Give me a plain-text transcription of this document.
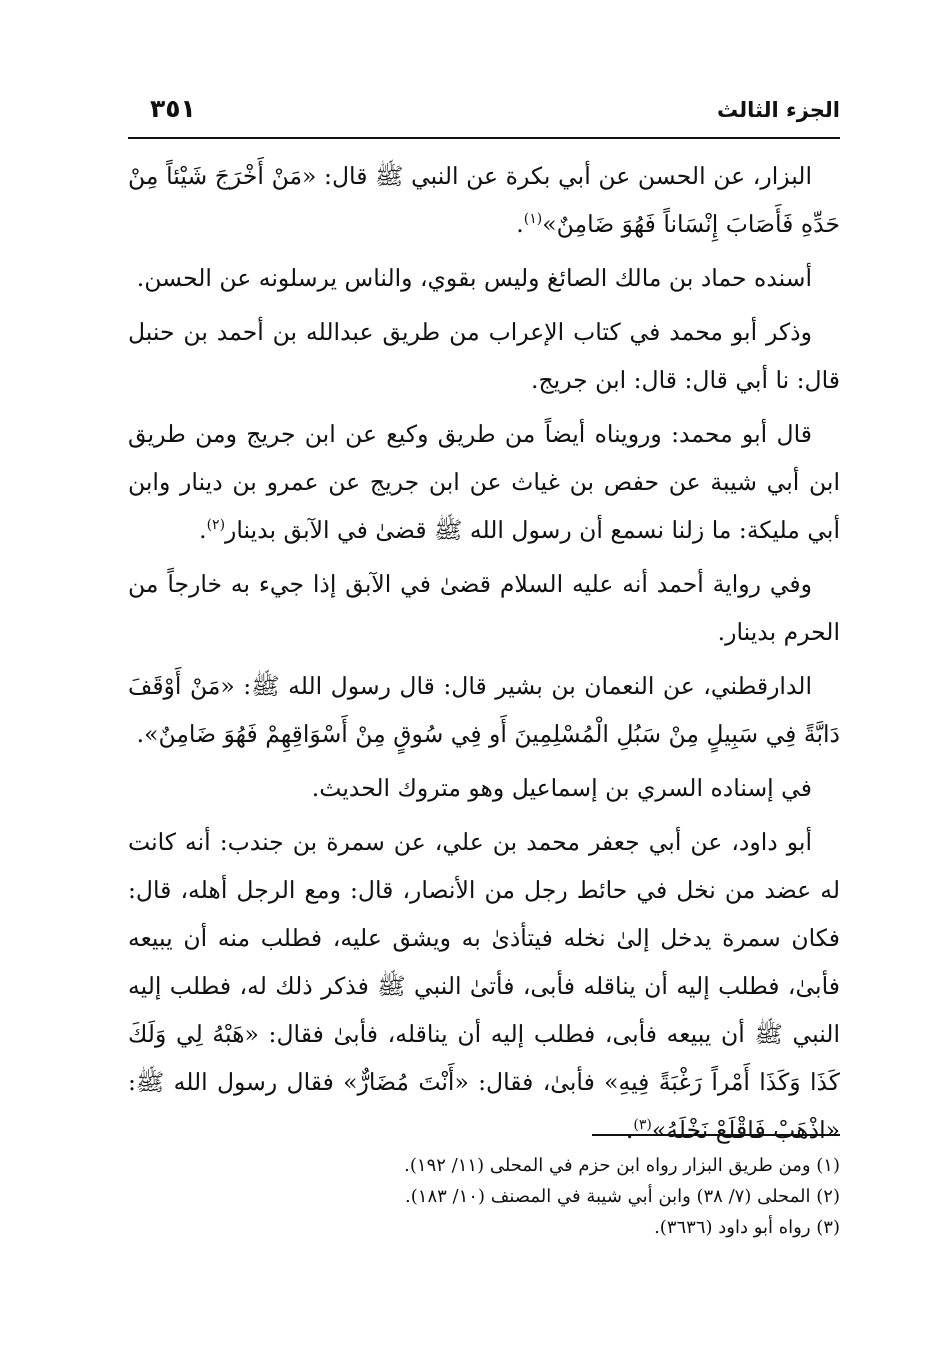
الجزء الثالث
٣٥١

البزار، عن الحسن عن أبي بكرة عن النبي ﷺ قال: «مَنْ أَخْرَجَ شَيْئاً مِنْ حَدِّهِ فَأَصَابَ إِنْسَاناً فَهُوَ ضَامِنٌ»$^{(١)}$.

أسنده حماد بن مالك الصائغ وليس بقوي، والناس يرسلونه عن الحسن.

وذكر أبو محمد في كتاب الإعراب من طريق عبدالله بن أحمد بن حنبل قال: نا أبي قال: قال: ابن جريج.

قال أبو محمد: ورويناه أيضاً من طريق وكيع عن ابن جريج ومن طريق ابن أبي شيبة عن حفص بن غياث عن ابن جريج عن عمرو بن دينار وابن أبي مليكة: ما زلنا نسمع أن رسول الله ﷺ قضىٰ في الآبق بدينار$^{(٢)}$.

وفي رواية أحمد أنه عليه السلام قضىٰ في الآبق إذا جيء به خارجاً من الحرم بدينار.

الدارقطني، عن النعمان بن بشير قال: قال رسول الله ﷺ: «مَنْ أَوْقَفَ دَابَّةً فِي سَبِيلٍ مِنْ سَبُلِ الْمُسْلِمِينَ أَو فِي سُوقٍ مِنْ أَسْوَاقِهِمْ فَهُوَ ضَامِنٌ».

في إسناده السري بن إسماعيل وهو متروك الحديث.

أبو داود، عن أبي جعفر محمد بن علي، عن سمرة بن جندب: أنه كانت له عضد من نخل في حائط رجل من الأنصار، قال: ومع الرجل أهله، قال: فكان سمرة يدخل إلىٰ نخله فيتأذىٰ به ويشق عليه، فطلب منه أن يبيعه فأبىٰ، فطلب إليه أن يناقله فأبى، فأتىٰ النبي ﷺ فذكر ذلك له، فطلب إليه النبي ﷺ أن يبيعه فأبى، فطلب إليه أن يناقله، فأبىٰ فقال: «هَبْهُ لِي وَلَكَ كَذَا وَكَذَا أَمْراً رَغْبَةً فِيهِ» فأبىٰ، فقال: «أَنْتَ مُضَارٌّ» فقال رسول الله ﷺ: «اذْهَبْ فَاقْلَعْ نَخْلَهُ»$^{(٣)}$.

(١) ومن طريق البزار رواه ابن حزم في المحلى (١١/ ١٩٢).

(٢) المحلى (٧/ ٣٨) وابن أبي شيبة في المصنف (١٠/ ١٨٣).

(٣) رواه أبو داود (٣٦٣٦).
